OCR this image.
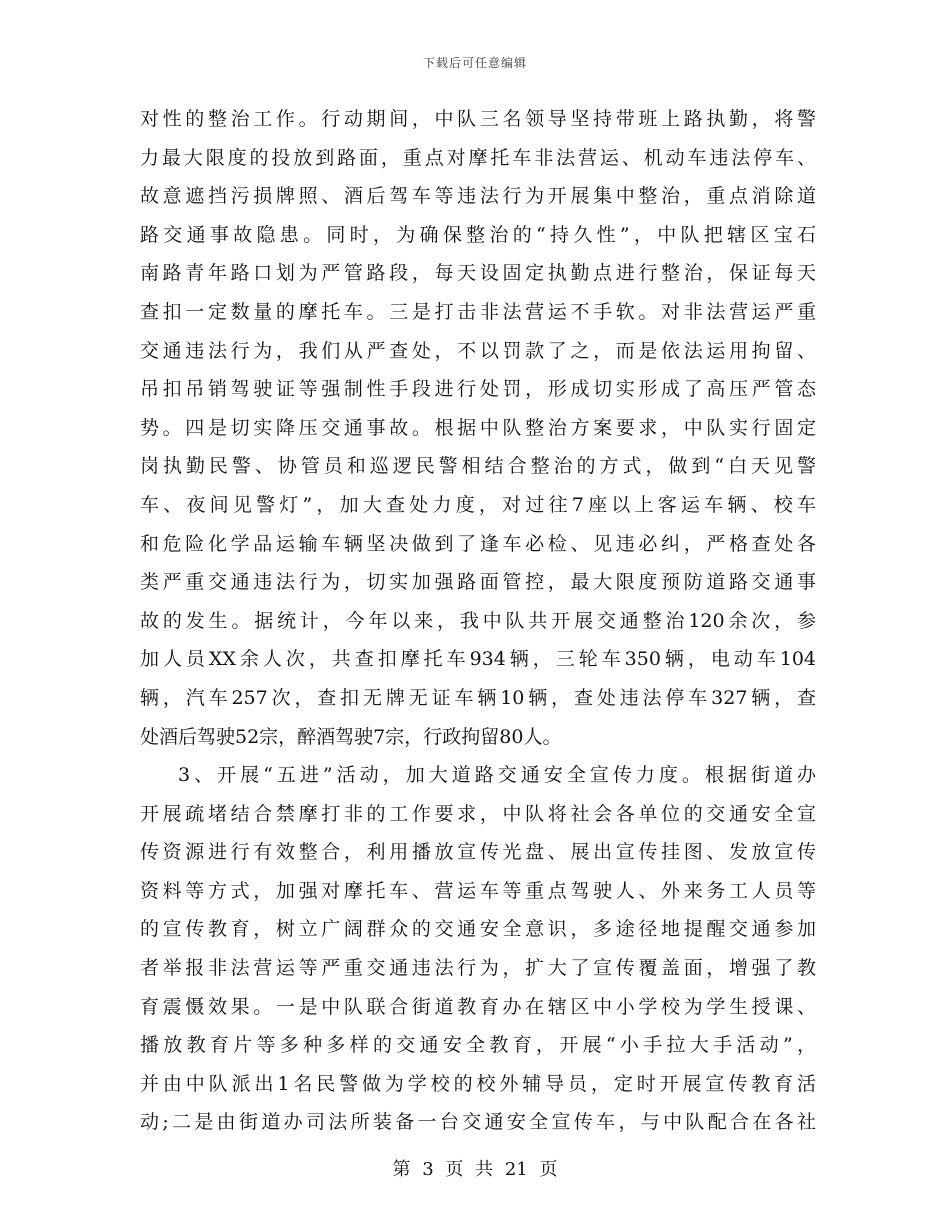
下载后可任意编辑
对性的整治工作。行动期间，中队三名领导坚持带班上路执勤，将警
力最大限度的投放到路面，重点对摩托车非法营运、机动车违法停车、
故意遮挡污损牌照、酒后驾车等违法行为开展集中整治，重点消除道
路交通事故隐患。同时，为确保整治的“持久性”，中队把辖区宝石
南路青年路口划为严管路段，每天设固定执勤点进行整治，保证每天
查扣一定数量的摩托车。三是打击非法营运不手软。对非法营运严重
交通违法行为，我们从严查处，不以罚款了之，而是依法运用拘留、
吊扣吊销驾驶证等强制性手段进行处罚，形成切实形成了高压严管态
势。四是切实降压交通事故。根据中队整治方案要求，中队实行固定
岗执勤民警、协管员和巡逻民警相结合整治的方式，做到“白天见警
车、夜间见警灯”，加大查处力度，对过往7座以上客运车辆、校车
和危险化学品运输车辆坚决做到了逢车必检、见违必纠，严格查处各
类严重交通违法行为，切实加强路面管控，最大限度预防道路交通事
故的发生。据统计，今年以来，我中队共开展交通整治120余次，参
加人员XX余人次，共查扣摩托车934辆，三轮车350辆，电动车104
辆，汽车257次，查扣无牌无证车辆10辆，查处违法停车327辆，查
处酒后驾驶52宗，醉酒驾驶7宗，行政拘留80人。
3、开展“五进”活动，加大道路交通安全宣传力度。根据街道办
开展疏堵结合禁摩打非的工作要求，中队将社会各单位的交通安全宣
传资源进行有效整合，利用播放宣传光盘、展出宣传挂图、发放宣传
资料等方式，加强对摩托车、营运车等重点驾驶人、外来务工人员等
的宣传教育，树立广阔群众的交通安全意识，多途径地提醒交通参加
者举报非法营运等严重交通违法行为，扩大了宣传覆盖面，增强了教
育震慑效果。一是中队联合街道教育办在辖区中小学校为学生授课、
播放教育片等多种多样的交通安全教育，开展“小手拉大手活动”，
并由中队派出1名民警做为学校的校外辅导员，定时开展宣传教育活
动;二是由街道办司法所装备一台交通安全宣传车，与中队配合在各社
第 3 页 共 21 页
